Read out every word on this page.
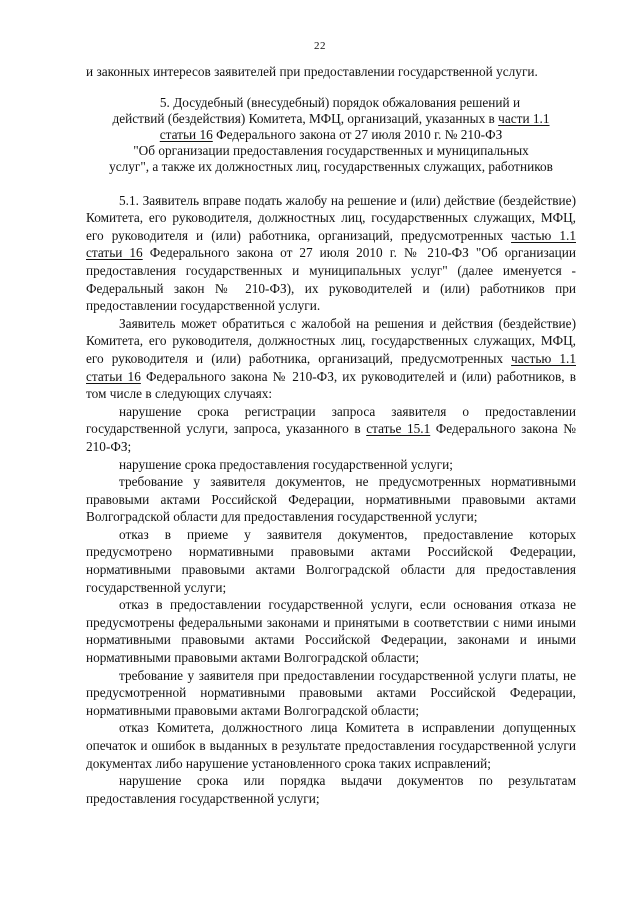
22

и законных интересов заявителей при предоставлении государственной услуги.

5. Досудебный (внесудебный) порядок обжалования решений и
действий (бездействия) Комитета, МФЦ, организаций, указанных в части 1.1
статьи 16 Федерального закона от 27 июля 2010 г. № 210-ФЗ
"Об организации предоставления государственных и муниципальных
услуг", а также их должностных лиц, государственных служащих, работников

5.1. Заявитель вправе подать жалобу на решение и (или) действие (бездействие) Комитета, его руководителя, должностных лиц, государственных служащих, МФЦ, его руководителя и (или) работника, организаций, предусмотренных частью 1.1 статьи 16 Федерального закона от 27 июля 2010 г. № 210-ФЗ "Об организации предоставления государственных и муниципальных услуг" (далее именуется - Федеральный закон № 210-ФЗ), их руководителей и (или) работников при предоставлении государственной услуги.

Заявитель может обратиться с жалобой на решения и действия (бездействие) Комитета, его руководителя, должностных лиц, государственных служащих, МФЦ, его руководителя и (или) работника, организаций, предусмотренных частью 1.1 статьи 16 Федерального закона № 210-ФЗ, их руководителей и (или) работников, в том числе в следующих случаях:

нарушение срока регистрации запроса заявителя о предоставлении государственной услуги, запроса, указанного в статье 15.1 Федерального закона № 210-ФЗ;

нарушение срока предоставления государственной услуги;

требование у заявителя документов, не предусмотренных нормативными правовыми актами Российской Федерации, нормативными правовыми актами Волгоградской области для предоставления государственной услуги;

отказ в приеме у заявителя документов, предоставление которых предусмотрено нормативными правовыми актами Российской Федерации, нормативными правовыми актами Волгоградской области для предоставления государственной услуги;

отказ в предоставлении государственной услуги, если основания отказа не предусмотрены федеральными законами и принятыми в соответствии с ними иными нормативными правовыми актами Российской Федерации, законами и иными нормативными правовыми актами Волгоградской области;

требование у заявителя при предоставлении государственной услуги платы, не предусмотренной нормативными правовыми актами Российской Федерации, нормативными правовыми актами Волгоградской области;

отказ Комитета, должностного лица Комитета в исправлении допущенных опечаток и ошибок в выданных в результате предоставления государственной услуги документах либо нарушение установленного срока таких исправлений;

нарушение срока или порядка выдачи документов по результатам предоставления государственной услуги;
